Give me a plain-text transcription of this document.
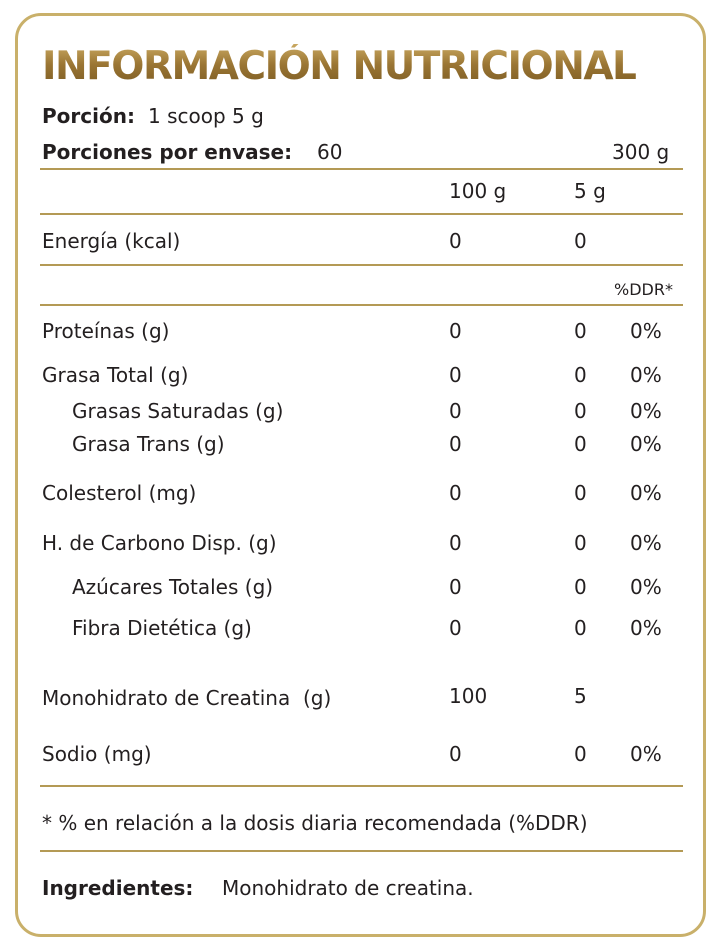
INFORMACIÓN NUTRICIONAL
Porción: 1 scoop 5 g
Porciones por envase: 60	300 g
100 g	5 g
Energía (kcal)	0	0
%DDR*
Proteínas (g)	0	0 0%
Grasa Total (g)	0	0 0%
Grasas Saturadas (g)	0	0 0%
Grasa Trans (g)	0	0 0%
Colesterol (mg)	0	0 0%
H. de Carbono Disp. (g)	0	0 0%
Azúcares Totales (g)	0	0 0%
Fibra Dietética (g)	0	0 0%
Monohidrato de Creatina  (g)	100	5
Sodio (mg)	0	0 0%
* % en relación a la dosis diaria recomendada (%DDR)
Ingredientes: Monohidrato de creatina.
